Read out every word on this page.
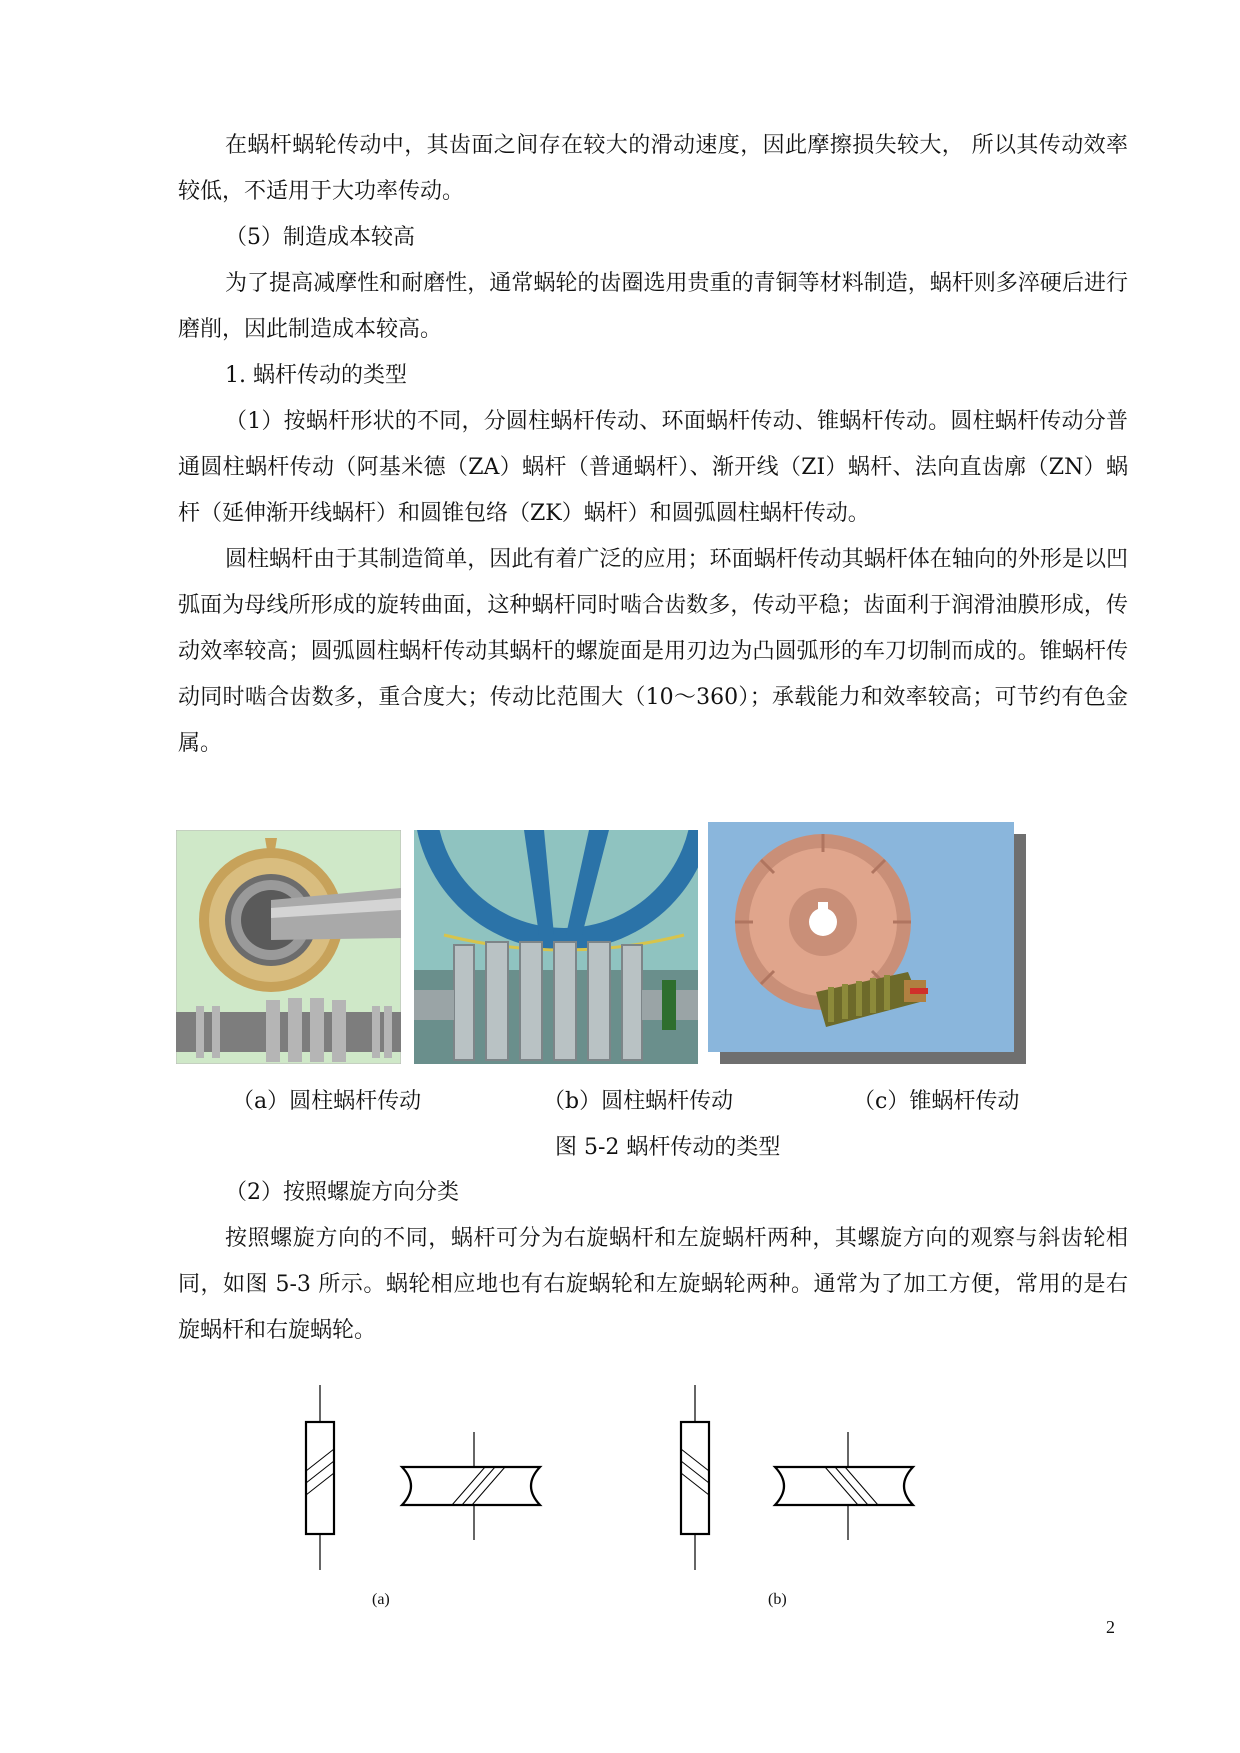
在蜗杆蜗轮传动中，其齿面之间存在较大的滑动速度，因此摩擦损失较大， 所以其传动效率较低，不适用于大功率传动。

（5）制造成本较高

为了提高减摩性和耐磨性，通常蜗轮的齿圈选用贵重的青铜等材料制造，蜗杆则多淬硬后进行磨削，因此制造成本较高。

1. 蜗杆传动的类型

（1）按蜗杆形状的不同，分圆柱蜗杆传动、环面蜗杆传动、锥蜗杆传动。圆柱蜗杆传动分普通圆柱蜗杆传动（阿基米德（ZA）蜗杆（普通蜗杆）、渐开线（ZI）蜗杆、法向直齿廓（ZN）蜗杆（延伸渐开线蜗杆）和圆锥包络（ZK）蜗杆）和圆弧圆柱蜗杆传动。

圆柱蜗杆由于其制造简单，因此有着广泛的应用；环面蜗杆传动其蜗杆体在轴向的外形是以凹弧面为母线所形成的旋转曲面，这种蜗杆同时啮合齿数多，传动平稳；齿面利于润滑油膜形成，传动效率较高；圆弧圆柱蜗杆传动其蜗杆的螺旋面是用刃边为凸圆弧形的车刀切制而成的。锥蜗杆传动同时啮合齿数多，重合度大；传动比范围大（10～360）；承载能力和效率较高；可节约有色金属。

（a）圆柱蜗杆传动	（b）圆柱蜗杆传动	（c）锥蜗杆传动
图 5-2 蜗杆传动的类型

（2）按照螺旋方向分类

按照螺旋方向的不同，蜗杆可分为右旋蜗杆和左旋蜗杆两种，其螺旋方向的观察与斜齿轮相同，如图 5-3 所示。蜗轮相应地也有右旋蜗轮和左旋蜗轮两种。通常为了加工方便，常用的是右旋蜗杆和右旋蜗轮。

(a)	(b)
2
